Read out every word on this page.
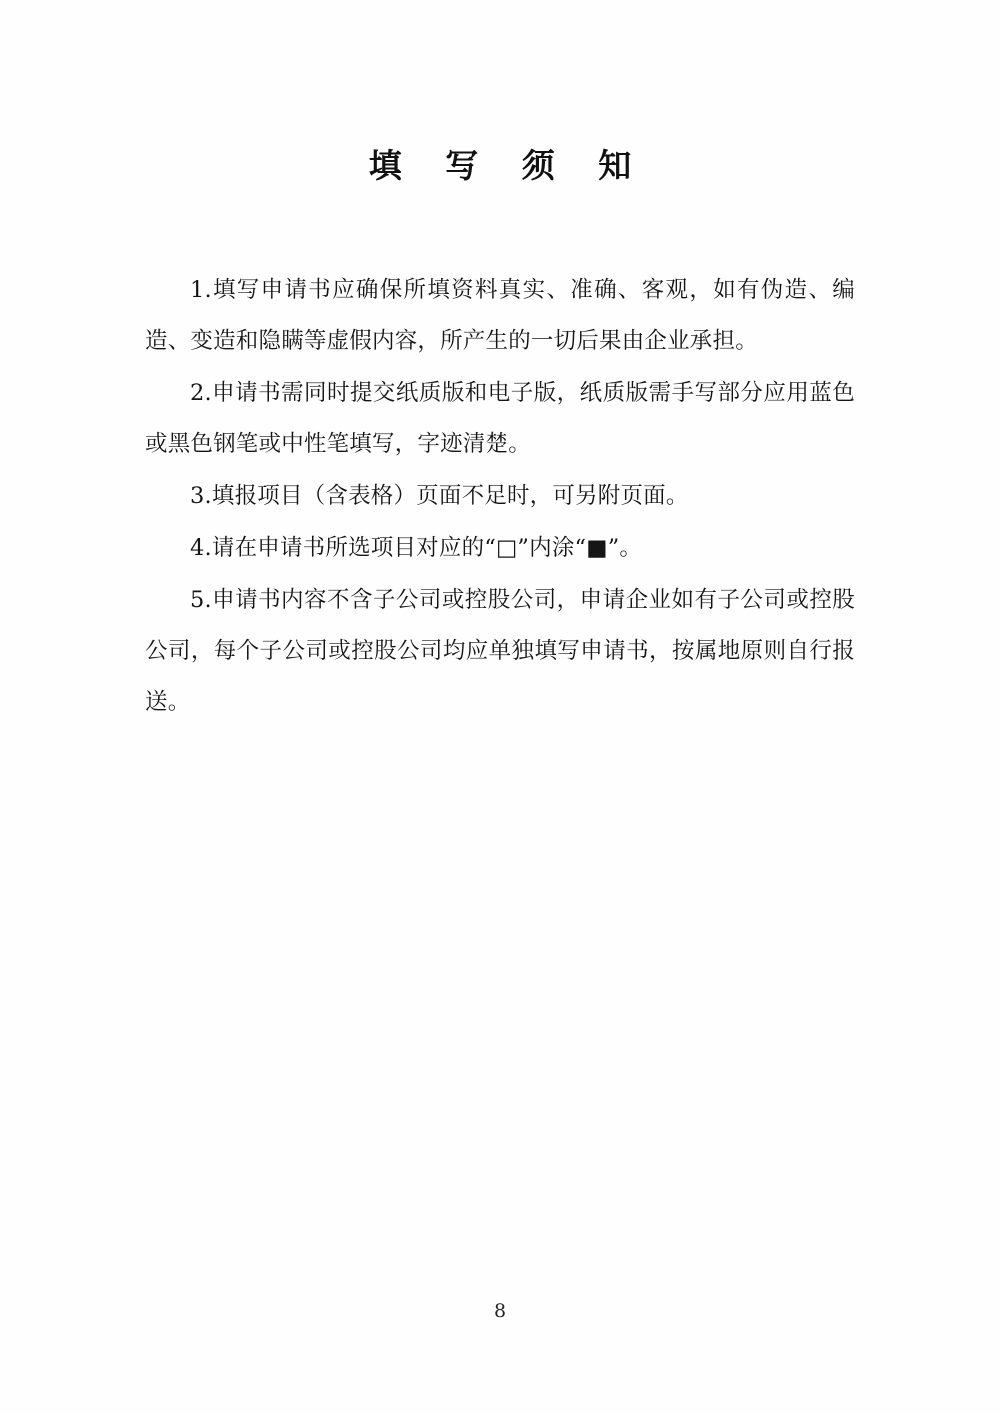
填 写 须 知

1.填写申请书应确保所填资料真实、准确、客观，如有伪造、编造、变造和隐瞒等虚假内容，所产生的一切后果由企业承担。

2.申请书需同时提交纸质版和电子版，纸质版需手写部分应用蓝色或黑色钢笔或中性笔填写，字迹清楚。

3.填报项目（含表格）页面不足时，可另附页面。

4.请在申请书所选项目对应的“□”内涂“■”。

5.申请书内容不含子公司或控股公司，申请企业如有子公司或控股公司，每个子公司或控股公司均应单独填写申请书，按属地原则自行报送。

8
